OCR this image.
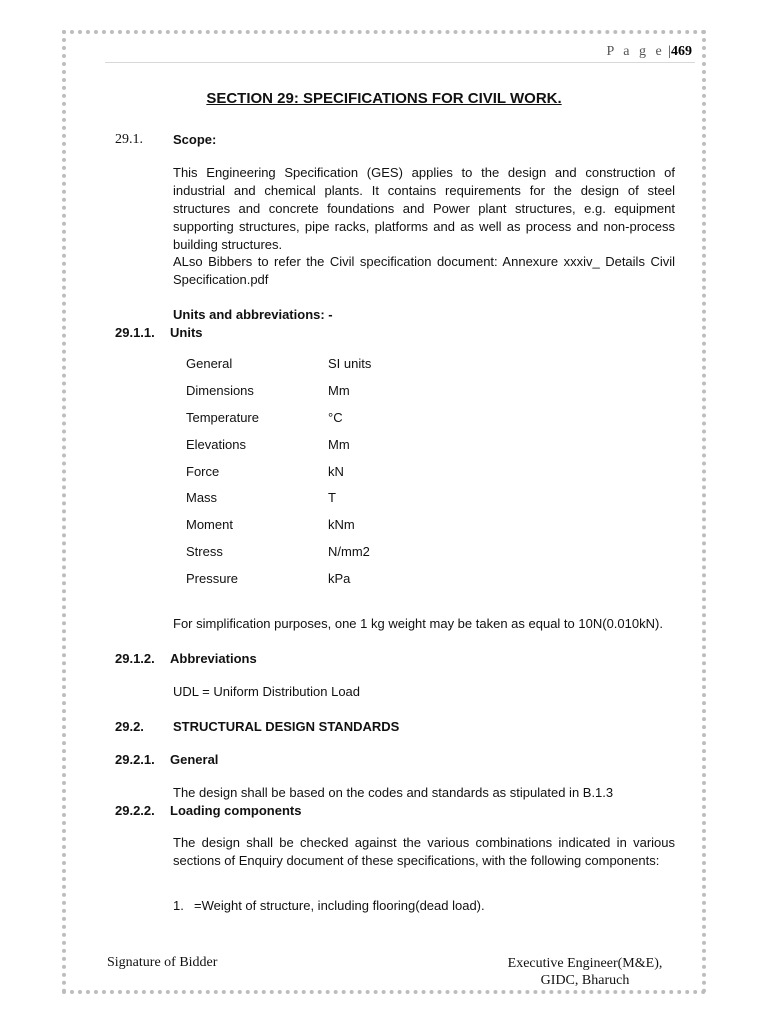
P a g e |469
SECTION 29: SPECIFICATIONS FOR CIVIL WORK.
29.1. Scope:
This Engineering Specification (GES) applies to the design and construction of industrial and chemical plants. It contains requirements for the design of steel structures and concrete foundations and Power plant structures, e.g. equipment supporting structures, pipe racks, platforms and as well as process and non-process building structures.
ALso Bibbers to refer the Civil specification document: Annexure xxxiv_ Details Civil Specification.pdf
Units and abbreviations: -
29.1.1. Units
General	SI units
Dimensions	Mm
Temperature	°C
Elevations	Mm
Force	kN
Mass	T
Moment	kNm
Stress	N/mm2
Pressure	kPa
For simplification purposes, one 1 kg weight may be taken as equal to 10N(0.010kN).
29.1.2. Abbreviations
UDL = Uniform Distribution Load
29.2. STRUCTURAL DESIGN STANDARDS
29.2.1. General
The design shall be based on the codes and standards as stipulated in B.1.3
29.2.2. Loading components
The design shall be checked against the various combinations indicated in various sections of Enquiry document of these specifications, with the following components:
1. =Weight of structure, including flooring(dead load).
Signature of Bidder	Executive Engineer(M&E),
GIDC, Bharuch
